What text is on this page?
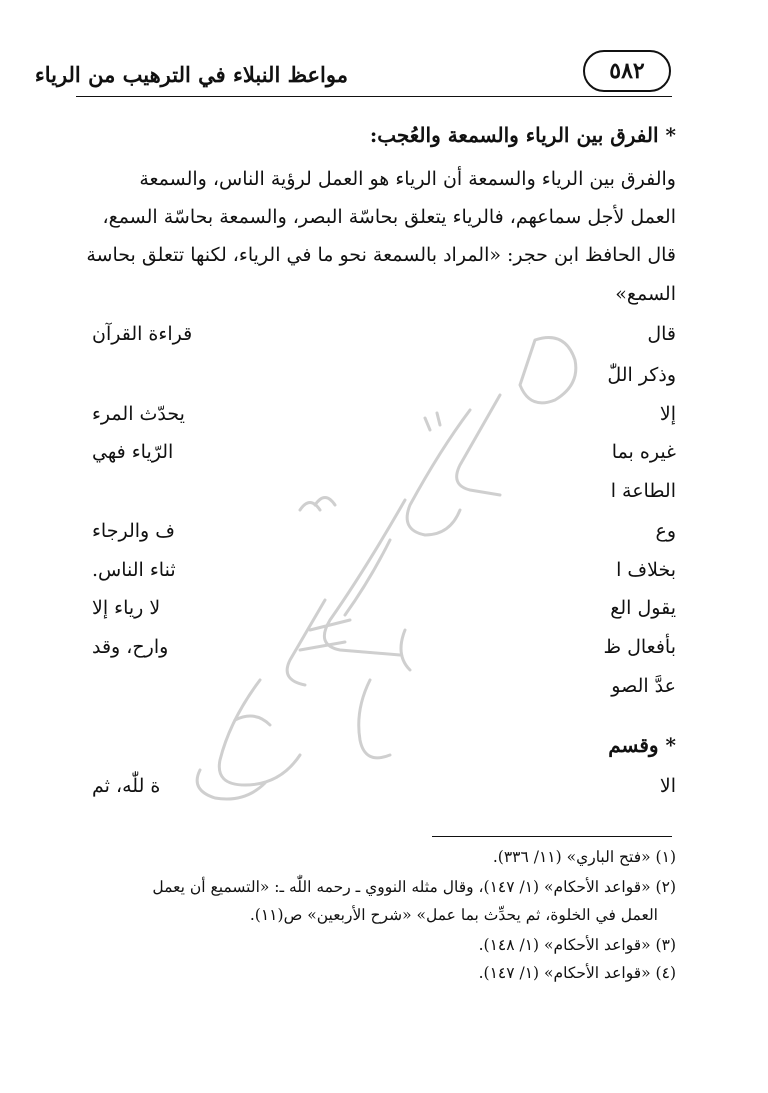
مواعظ النبلاء في الترهيب من الرياء	٥٨٢
* الفرق بين الرياء والسمعة والعُجب:
والفرق بين الرياء والسمعة أن الرياء هو العمل لرؤية الناس، والسمعة
العمل لأجل سماعهم، فالرياء يتعلق بحاسّة البصر، والسمعة بحاسّة السمع،
قال الحافظ ابن حجر: «المراد بالسمعة نحو ما في الرياء، لكنها تتعلق بحاسة
السمع»
قال
قراءة القرآن
وذكر اللّٰ
إلا
يحدّث المرء
غيره بما
الرّياء فهي
الطاعة ا
وع
ف والرجاء
بخلاف ا
ثناء الناس.
يقول الع
لا رياء إلا
بأفعال ظ
وارح، وقد
عدَّ الصو
* وقسم
الا
ة للّٰه، ثم
(١) «فتح الباري» (١١/ ٣٣٦).
(٢) «قواعد الأحكام» (١/ ١٤٧)، وقال مثله النووي ـ رحمه اللّٰه ـ: «التسميع أن يعمل
العمل في الخلوة، ثم يحدِّث بما عمل» «شرح الأربعين» ص(١١).
(٣) «قواعد الأحكام» (١/ ١٤٨).
(٤) «قواعد الأحكام» (١/ ١٤٧).
